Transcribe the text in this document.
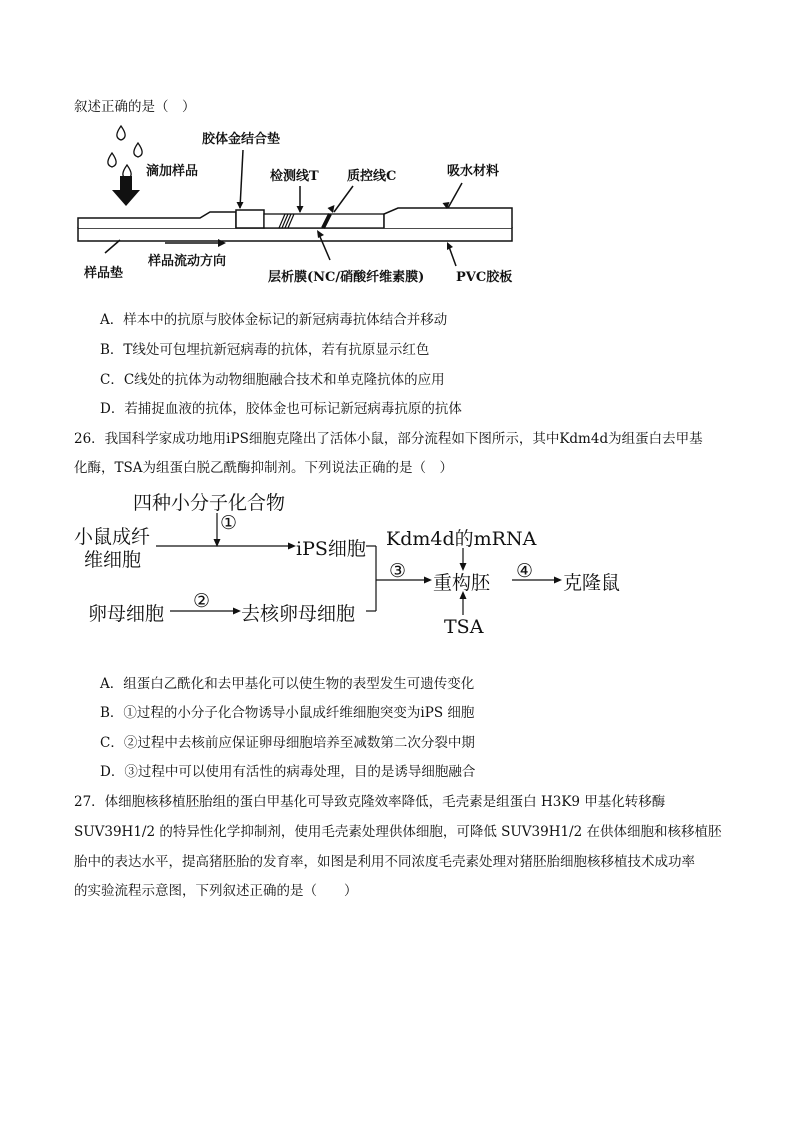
叙述正确的是（　）
胶体金结合垫
滴加样品	检测线T 质控线C	吸水材料
样品垫
样品流动方向
层析膜(NC/硝酸纤维素膜) PVC胶板
A．样本中的抗原与胶体金标记的新冠病毒抗体结合并移动
B．T线处可包埋抗新冠病毒的抗体，若有抗原显示红色
C．C线处的抗体为动物细胞融合技术和单克隆抗体的应用
D．若捕捉血液的抗体，胶体金也可标记新冠病毒抗原的抗体
26．我国科学家成功地用iPS细胞克隆出了活体小鼠，部分流程如下图所示，其中Kdm4d为组蛋白去甲基
化酶，TSA为组蛋白脱乙酰酶抑制剂。下列说法正确的是（　）
四种小分子化合物
①
小鼠成纤
维细胞	iPS细胞 Kdm4d的mRNA
③
重构胚
④
克隆鼠
卵母细胞
②
去核卵母细胞
TSA
A．组蛋白乙酰化和去甲基化可以使生物的表型发生可遗传变化
B．①过程的小分子化合物诱导小鼠成纤维细胞突变为iPS 细胞
C．②过程中去核前应保证卵母细胞培养至减数第二次分裂中期
D．③过程中可以使用有活性的病毒处理，目的是诱导细胞融合
27．体细胞核移植胚胎组的蛋白甲基化可导致克隆效率降低，毛壳素是组蛋白 H3K9 甲基化转移酶
SUV39H1/2 的特异性化学抑制剂，使用毛壳素处理供体细胞，可降低 SUV39H1/2 在供体细胞和核移植胚
胎中的表达水平，提高猪胚胎的发育率，如图是利用不同浓度毛壳素处理对猪胚胎细胞核移植技术成功率
的实验流程示意图，下列叙述正确的是（　　）
